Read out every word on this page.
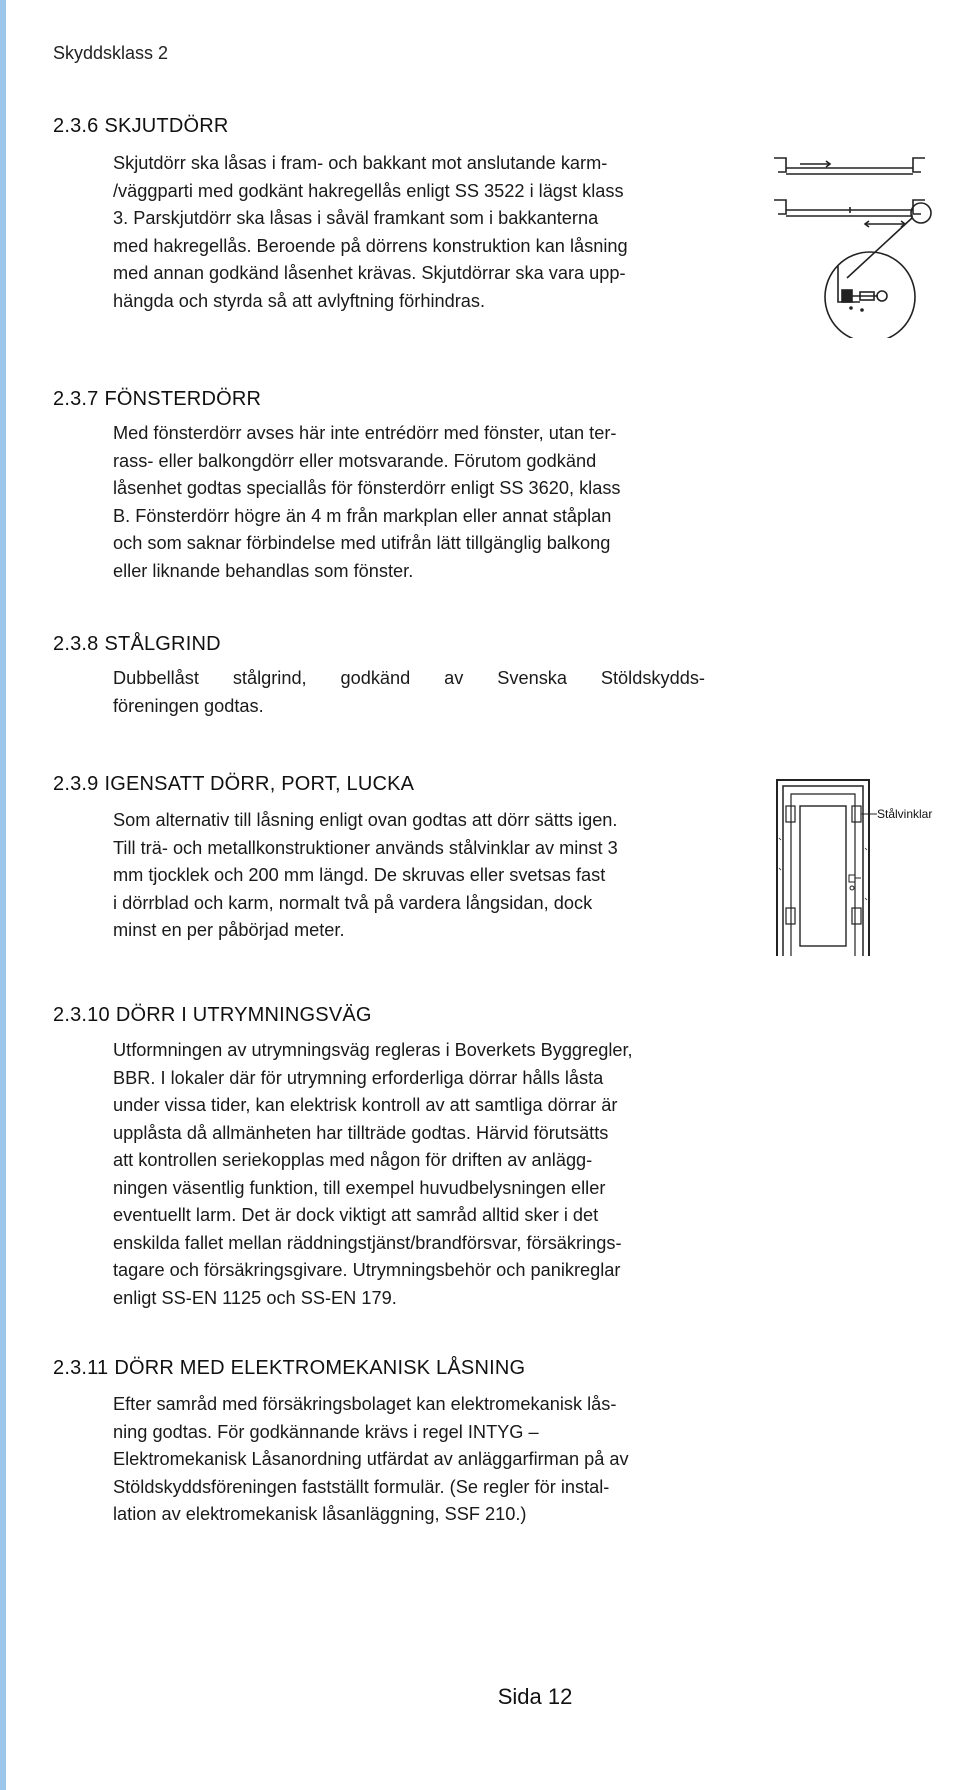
Skyddsklass 2
2.3.6 SKJUTDÖRR

Skjutdörr ska låsas i fram- och bakkant mot anslutande karm-
/väggparti med godkänt hakregellås enligt SS 3522 i lägst klass
3. Parskjutdörr ska låsas i såväl framkant som i bakkanterna
med hakregellås. Beroende på dörrens konstruktion kan låsning
med annan godkänd låsenhet krävas. Skjutdörrar ska vara upp-
hängda och styrda så att avlyftning förhindras.

2.3.7 FÖNSTERDÖRR

Med fönsterdörr avses här inte entrédörr med fönster, utan ter-
rass- eller balkongdörr eller motsvarande. Förutom godkänd
låsenhet godtas speciallås för fönsterdörr enligt SS 3620, klass
B. Fönsterdörr högre än 4 m från markplan eller annat ståplan
och som saknar förbindelse med utifrån lätt tillgänglig balkong
eller liknande behandlas som fönster.

2.3.8 STÅLGRIND

Dubbellåst stålgrind, godkänd av Svenska Stöldskydds-
föreningen godtas.

2.3.9 IGENSATT DÖRR, PORT, LUCKA

Som alternativ till låsning enligt ovan godtas att dörr sätts igen.
Till trä- och metallkonstruktioner används stålvinklar av minst 3
mm tjocklek och 200 mm längd. De skruvas eller svetsas fast
i dörrblad och karm, normalt två på vardera långsidan, dock
minst en per påbörjad meter.

Stålvinklar
2.3.10 DÖRR I UTRYMNINGSVÄG

Utformningen av utrymningsväg regleras i Boverkets Byggregler,
BBR. I lokaler där för utrymning erforderliga dörrar hålls låsta
under vissa tider, kan elektrisk kontroll av att samtliga dörrar är
upplåsta då allmänheten har tillträde godtas. Härvid förutsätts
att kontrollen seriekopplas med någon för driften av anlägg-
ningen väsentlig funktion, till exempel huvudbelysningen eller
eventuellt larm. Det är dock viktigt att samråd alltid sker i det
enskilda fallet mellan räddningstjänst/brandförsvar, försäkrings-
tagare och försäkringsgivare. Utrymningsbehör och panikreglar
enligt SS-EN 1125 och SS-EN 179.

2.3.11 DÖRR MED ELEKTROMEKANISK LÅSNING

Efter samråd med försäkringsbolaget kan elektromekanisk lås-
ning godtas. För godkännande krävs i regel INTYG –
Elektromekanisk Låsanordning utfärdat av anläggarfirman på av
Stöldskyddsföreningen fastställt formulär. (Se regler för instal-
lation av elektromekanisk låsanläggning, SSF 210.)

Sida 12
